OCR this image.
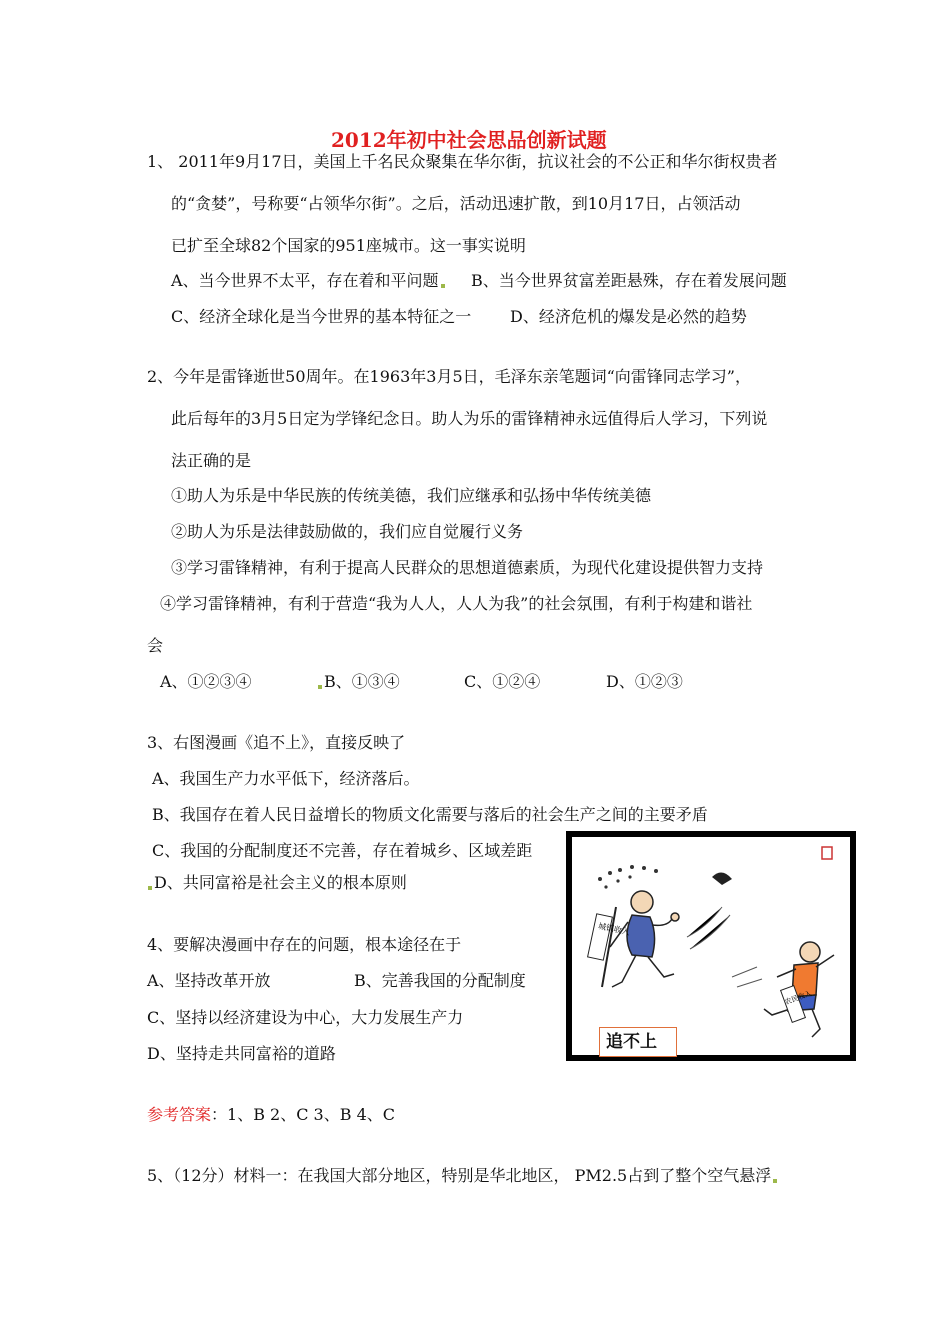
2012年初中社会思品创新试题
1、 2011年9月17日，美国上千名民众聚集在华尔街，抗议社会的不公正和华尔街权贵者
的“贪婪”，号称要“占领华尔街”。之后，活动迅速扩散，到10月17日，占领活动
已扩至全球82个国家的951座城市。这一事实说明
A、当今世界不太平，存在着和平问题	B、当今世界贫富差距悬殊，存在着发展问题
C、经济全球化是当今世界的基本特征之一 D、经济危机的爆发是必然的趋势
2、今年是雷锋逝世50周年。在1963年3月5日，毛泽东亲笔题词“向雷锋同志学习”，
此后每年的3月5日定为学锋纪念日。助人为乐的雷锋精神永远值得后人学习，下列说
法正确的是
①助人为乐是中华民族的传统美德，我们应继承和弘扬中华传统美德
②助人为乐是法律鼓励做的，我们应自觉履行义务
③学习雷锋精神，有利于提高人民群众的思想道德素质，为现代化建设提供智力支持
④学习雷锋精神，有利于营造“我为人人，人人为我”的社会氛围，有利于构建和谐社
会
A、①②③④	B、①③④	C、①②④	D、①②③
3、右图漫画《追不上》，直接反映了
A、我国生产力水平低下，经济落后。
B、我国存在着人民日益增长的物质文化需要与落后的社会生产之间的主要矛盾
C、我国的分配制度还不完善，存在着城乡、区域差距
D、共同富裕是社会主义的根本原则
4、要解决漫画中存在的问题，根本途径在于
A、坚持改革开放	B、完善我国的分配制度
C、坚持以经济建设为中心，大力发展生产力
D、坚持走共同富裕的道路
城镇收入
农民收入
追不上
参考答案：1、B 2、C 3、B 4、C
5、（12分）材料一：在我国大部分地区，特别是华北地区， PM2.5占到了整个空气悬浮
